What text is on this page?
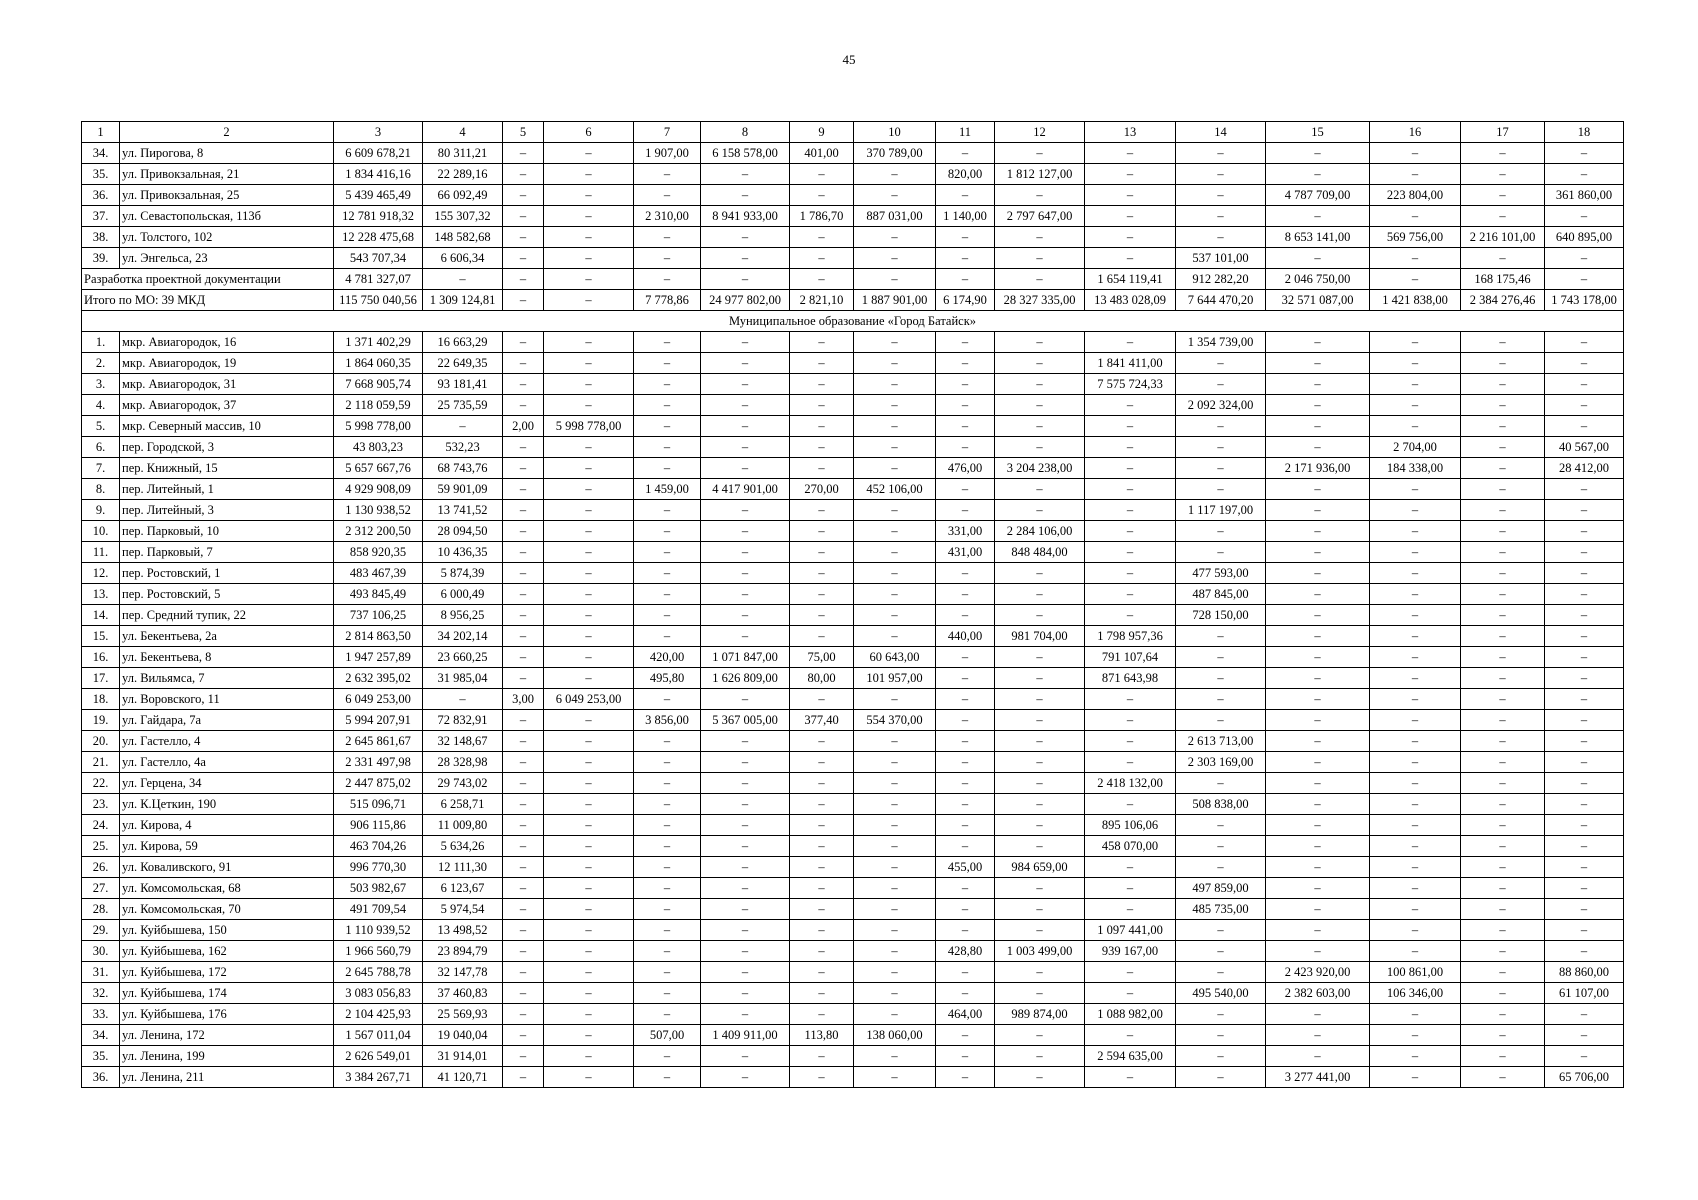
45
1	2	3	4	5	6	7	8	9	10	11	12	13	14	15	16	17	18
34.	ул. Пирогова, 8	6 609 678,21	80 311,21	–	–	1 907,00	6 158 578,00	401,00	370 789,00	–	–	–	–	–	–	–	–
35.	ул. Привокзальная, 21	1 834 416,16	22 289,16	–	–	–	–	–	–	820,00	1 812 127,00	–	–	–	–	–	–
36.	ул. Привокзальная, 25	5 439 465,49	66 092,49	–	–	–	–	–	–	–	–	–	–	4 787 709,00	223 804,00	–	361 860,00
37.	ул. Севастопольская, 113б	12 781 918,32	155 307,32	–	–	2 310,00	8 941 933,00	1 786,70	887 031,00	1 140,00	2 797 647,00	–	–	–	–	–	–
38.	ул. Толстого, 102	12 228 475,68	148 582,68	–	–	–	–	–	–	–	–	–	–	8 653 141,00	569 756,00	2 216 101,00	640 895,00
39.	ул. Энгельса, 23	543 707,34	6 606,34	–	–	–	–	–	–	–	–	–	537 101,00	–	–	–	–
Разработка проектной документации		4 781 327,07	–	–	–	–	–	–	–	–	–	1 654 119,41	912 282,20	2 046 750,00	–	168 175,46	–
Итого по МО: 39 МКД		115 750 040,56	1 309 124,81	–	–	7 778,86	24 977 802,00	2 821,10	1 887 901,00	6 174,90	28 327 335,00	13 483 028,09	7 644 470,20	32 571 087,00	1 421 838,00	2 384 276,46	1 743 178,00
Муниципальное образование «Город Батайск»																	
1.	мкр. Авиагородок, 16	1 371 402,29	16 663,29	–	–	–	–	–	–	–	–	–	1 354 739,00	–	–	–	–
2.	мкр. Авиагородок, 19	1 864 060,35	22 649,35	–	–	–	–	–	–	–	–	1 841 411,00	–	–	–	–	–
3.	мкр. Авиагородок, 31	7 668 905,74	93 181,41	–	–	–	–	–	–	–	–	7 575 724,33	–	–	–	–	–
4.	мкр. Авиагородок, 37	2 118 059,59	25 735,59	–	–	–	–	–	–	–	–	–	2 092 324,00	–	–	–	–
5.	мкр. Северный массив, 10	5 998 778,00	–	2,00	5 998 778,00	–	–	–	–	–	–	–	–	–	–	–	–
6.	пер. Городской, 3	43 803,23	532,23	–	–	–	–	–	–	–	–	–	–	–	2 704,00	–	40 567,00
7.	пер. Книжный, 15	5 657 667,76	68 743,76	–	–	–	–	–	–	476,00	3 204 238,00	–	–	2 171 936,00	184 338,00	–	28 412,00
8.	пер. Литейный, 1	4 929 908,09	59 901,09	–	–	1 459,00	4 417 901,00	270,00	452 106,00	–	–	–	–	–	–	–	–
9.	пер. Литейный, 3	1 130 938,52	13 741,52	–	–	–	–	–	–	–	–	–	1 117 197,00	–	–	–	–
10.	пер. Парковый, 10	2 312 200,50	28 094,50	–	–	–	–	–	–	331,00	2 284 106,00	–	–	–	–	–	–
11.	пер. Парковый, 7	858 920,35	10 436,35	–	–	–	–	–	–	431,00	848 484,00	–	–	–	–	–	–
12.	пер. Ростовский, 1	483 467,39	5 874,39	–	–	–	–	–	–	–	–	–	477 593,00	–	–	–	–
13.	пер. Ростовский, 5	493 845,49	6 000,49	–	–	–	–	–	–	–	–	–	487 845,00	–	–	–	–
14.	пер. Средний тупик, 22	737 106,25	8 956,25	–	–	–	–	–	–	–	–	–	728 150,00	–	–	–	–
15.	ул. Бекентьева, 2а	2 814 863,50	34 202,14	–	–	–	–	–	–	440,00	981 704,00	1 798 957,36	–	–	–	–	–
16.	ул. Бекентьева, 8	1 947 257,89	23 660,25	–	–	420,00	1 071 847,00	75,00	60 643,00	–	–	791 107,64	–	–	–	–	–
17.	ул. Вильямса, 7	2 632 395,02	31 985,04	–	–	495,80	1 626 809,00	80,00	101 957,00	–	–	871 643,98	–	–	–	–	–
18.	ул. Воровского, 11	6 049 253,00	–	3,00	6 049 253,00	–	–	–	–	–	–	–	–	–	–	–	–
19.	ул. Гайдара, 7а	5 994 207,91	72 832,91	–	–	3 856,00	5 367 005,00	377,40	554 370,00	–	–	–	–	–	–	–	–
20.	ул. Гастелло, 4	2 645 861,67	32 148,67	–	–	–	–	–	–	–	–	–	2 613 713,00	–	–	–	–
21.	ул. Гастелло, 4а	2 331 497,98	28 328,98	–	–	–	–	–	–	–	–	–	2 303 169,00	–	–	–	–
22.	ул. Герцена, 34	2 447 875,02	29 743,02	–	–	–	–	–	–	–	–	2 418 132,00	–	–	–	–	–
23.	ул. К.Цеткин, 190	515 096,71	6 258,71	–	–	–	–	–	–	–	–	–	508 838,00	–	–	–	–
24.	ул. Кирова, 4	906 115,86	11 009,80	–	–	–	–	–	–	–	–	895 106,06	–	–	–	–	–
25.	ул. Кирова, 59	463 704,26	5 634,26	–	–	–	–	–	–	–	–	458 070,00	–	–	–	–	–
26.	ул. Коваливского, 91	996 770,30	12 111,30	–	–	–	–	–	–	455,00	984 659,00	–	–	–	–	–	–
27.	ул. Комсомольская, 68	503 982,67	6 123,67	–	–	–	–	–	–	–	–	–	497 859,00	–	–	–	–
28.	ул. Комсомольская, 70	491 709,54	5 974,54	–	–	–	–	–	–	–	–	–	485 735,00	–	–	–	–
29.	ул. Куйбышева, 150	1 110 939,52	13 498,52	–	–	–	–	–	–	–	–	1 097 441,00	–	–	–	–	–
30.	ул. Куйбышева, 162	1 966 560,79	23 894,79	–	–	–	–	–	–	428,80	1 003 499,00	939 167,00	–	–	–	–	–
31.	ул. Куйбышева, 172	2 645 788,78	32 147,78	–	–	–	–	–	–	–	–	–	–	2 423 920,00	100 861,00	–	88 860,00
32.	ул. Куйбышева, 174	3 083 056,83	37 460,83	–	–	–	–	–	–	–	–	–	495 540,00	2 382 603,00	106 346,00	–	61 107,00
33.	ул. Куйбышева, 176	2 104 425,93	25 569,93	–	–	–	–	–	–	464,00	989 874,00	1 088 982,00	–	–	–	–	–
34.	ул. Ленина, 172	1 567 011,04	19 040,04	–	–	507,00	1 409 911,00	113,80	138 060,00	–	–	–	–	–	–	–	–
35.	ул. Ленина, 199	2 626 549,01	31 914,01	–	–	–	–	–	–	–	–	2 594 635,00	–	–	–	–	–
36.	ул. Ленина, 211	3 384 267,71	41 120,71	–	–	–	–	–	–	–	–	–	–	3 277 441,00	–	–	65 706,00
